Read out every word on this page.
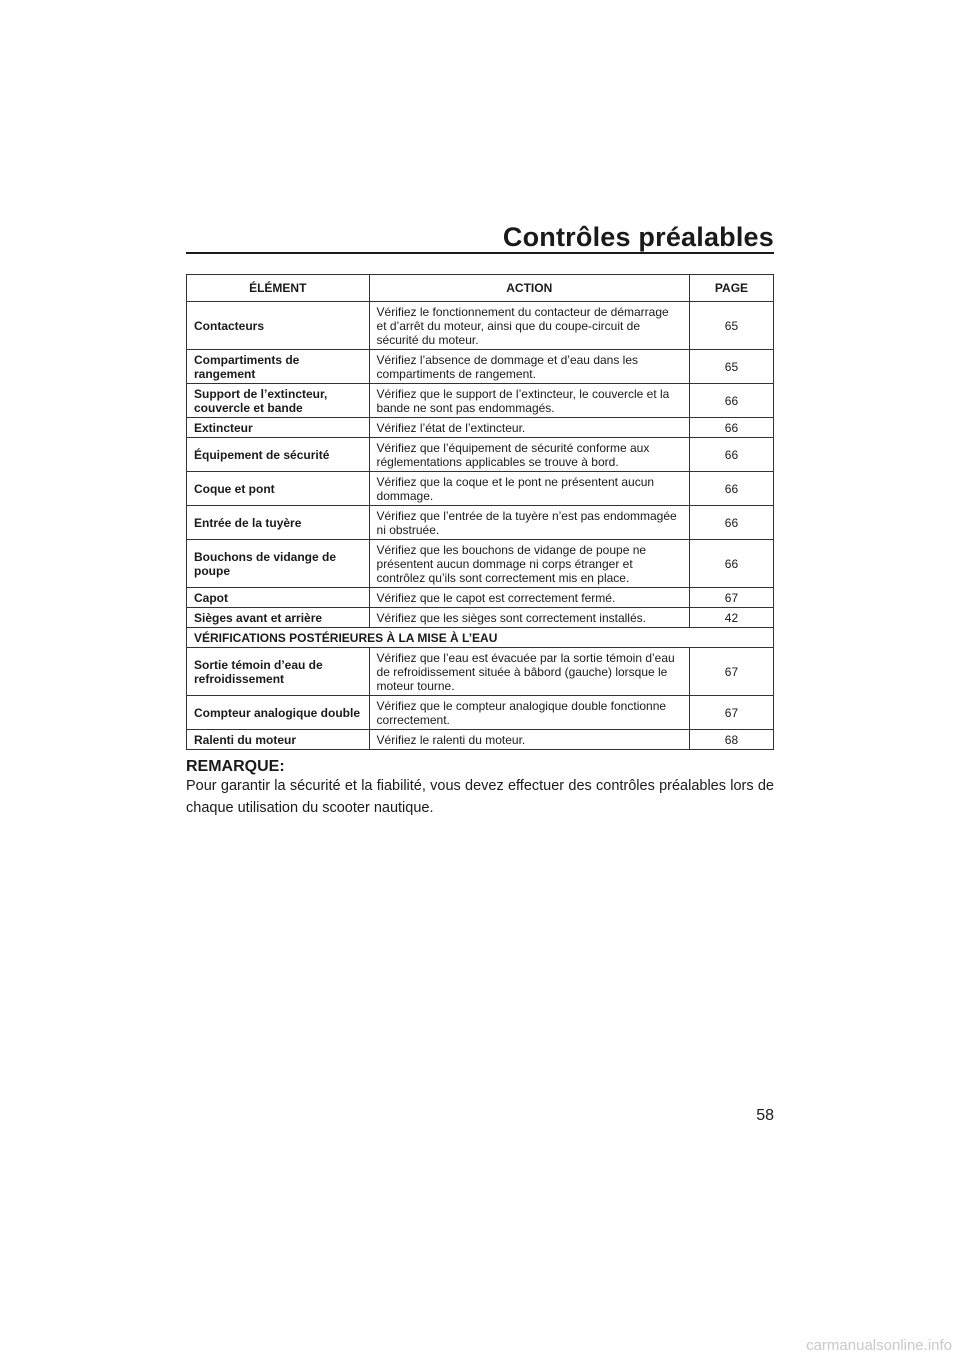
Contrôles préalables
ÉLÉMENT	ACTION	PAGE
Contacteurs	Vérifiez le fonctionnement du contacteur de démarrage et d’arrêt du moteur, ainsi que du coupe-circuit de sécurité du moteur.	65
Compartiments de rangement	Vérifiez l’absence de dommage et d’eau dans les compartiments de rangement.	65
Support de l’extincteur, couvercle et bande	Vérifiez que le support de l’extincteur, le couvercle et la bande ne sont pas endommagés.	66
Extincteur	Vérifiez l’état de l’extincteur.	66
Équipement de sécurité	Vérifiez que l’équipement de sécurité conforme aux réglementations applicables se trouve à bord.	66
Coque et pont	Vérifiez que la coque et le pont ne présentent aucun dommage.	66
Entrée de la tuyère	Vérifiez que l’entrée de la tuyère n’est pas endommagée ni obstruée.	66
Bouchons de vidange de poupe	Vérifiez que les bouchons de vidange de poupe ne présentent aucun dommage ni corps étranger et contrôlez qu’ils sont correctement mis en place.	66
Capot	Vérifiez que le capot est correctement fermé.	67
Sièges avant et arrière	Vérifiez que les sièges sont correctement installés.	42
VÉRIFICATIONS POSTÉRIEURES À LA MISE À L’EAU		
Sortie témoin d’eau de refroidissement	Vérifiez que l’eau est évacuée par la sortie témoin d’eau de refroidissement située à bâbord (gauche) lorsque le moteur tourne.	67
Compteur analogique double	Vérifiez que le compteur analogique double fonctionne correctement.	67
Ralenti du moteur	Vérifiez le ralenti du moteur.	68
REMARQUE:

Pour garantir la sécurité et la fiabilité, vous devez effectuer des contrôles préalables lors de chaque utilisation du scooter nautique.

58
carmanualsonline.info
